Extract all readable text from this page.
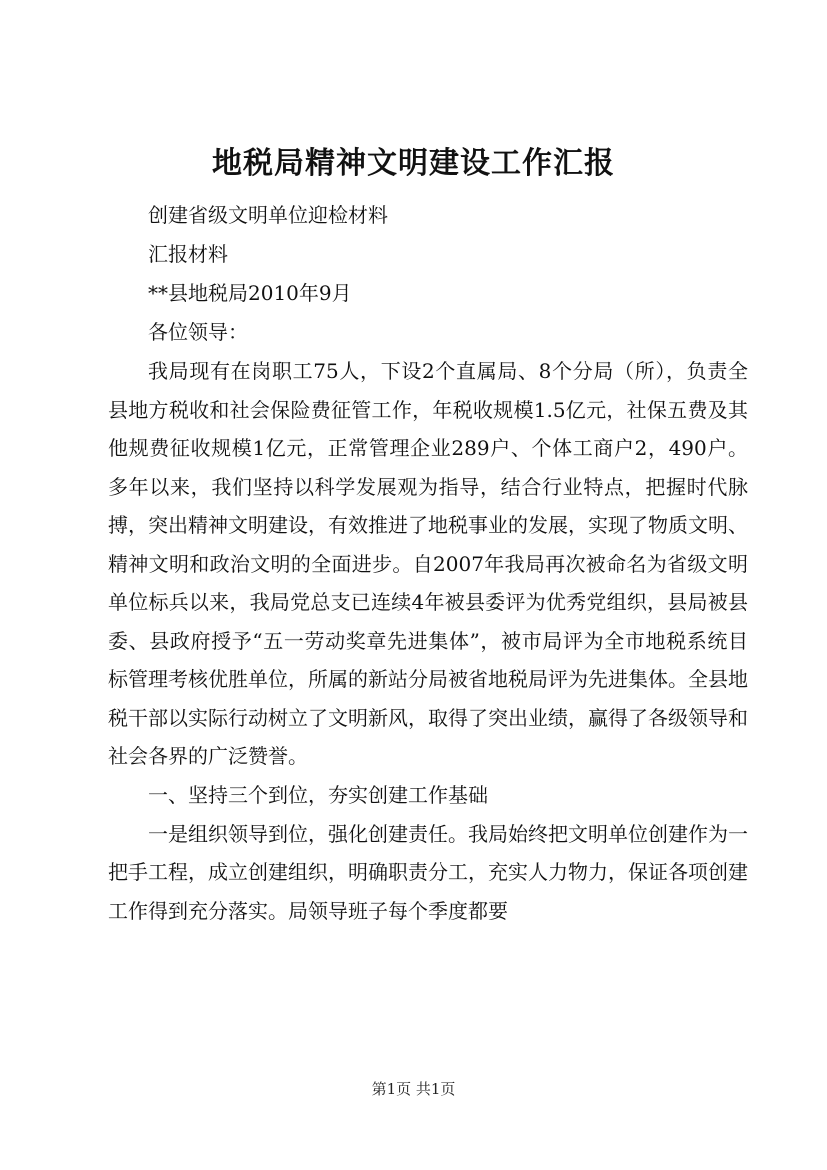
地税局精神文明建设工作汇报

创建省级文明单位迎检材料

汇报材料

**县地税局2010年9月

各位领导：

我局现有在岗职工75人，下设2个直属局、8个分局（所），负责全县地方税收和社会保险费征管工作，年税收规模1.5亿元，社保五费及其他规费征收规模1亿元，正常管理企业289户、个体工商户2，490户。多年以来，我们坚持以科学发展观为指导，结合行业特点，把握时代脉搏，突出精神文明建设，有效推进了地税事业的发展，实现了物质文明、精神文明和政治文明的全面进步。自2007年我局再次被命名为省级文明单位标兵以来，我局党总支已连续4年被县委评为优秀党组织，县局被县委、县政府授予“五一劳动奖章先进集体”，被市局评为全市地税系统目标管理考核优胜单位，所属的新站分局被省地税局评为先进集体。全县地税干部以实际行动树立了文明新风，取得了突出业绩，赢得了各级领导和社会各界的广泛赞誉。

一、坚持三个到位，夯实创建工作基础

一是组织领导到位，强化创建责任。我局始终把文明单位创建作为一把手工程，成立创建组织，明确职责分工，充实人力物力，保证各项创建工作得到充分落实。局领导班子每个季度都要

第1页 共1页
